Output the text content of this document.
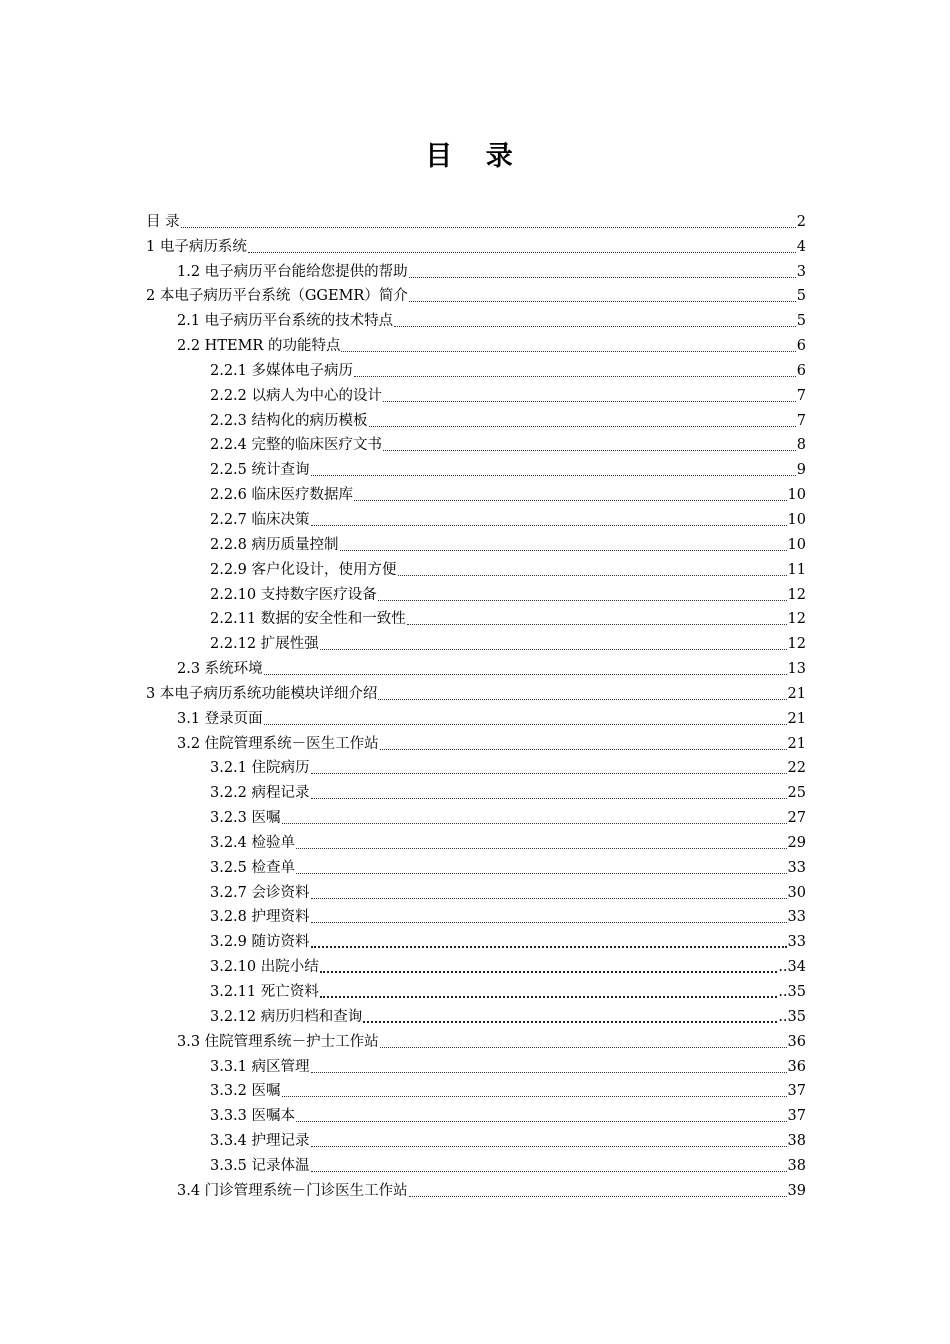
目 录
目 录	2
1 电子病历系统	4
1.2 电子病历平台能给您提供的帮助	3
2 本电子病历平台系统（GGEMR）简介	5
2.1 电子病历平台系统的技术特点	5
2.2 HTEMR 的功能特点	6
2.2.1 多媒体电子病历	6
2.2.2 以病人为中心的设计	7
2.2.3 结构化的病历模板	7
2.2.4 完整的临床医疗文书	8
2.2.5 统计查询	9
2.2.6 临床医疗数据库	10
2.2.7 临床决策	10
2.2.8 病历质量控制	10
2.2.9 客户化设计，使用方便	11
2.2.10 支持数字医疗设备	12
2.2.11 数据的安全性和一致性	12
2.2.12 扩展性强	12
2.3 系统环境	13
3 本电子病历系统功能模块详细介绍	21
3.1 登录页面	21
3.2 住院管理系统－医生工作站	21
3.2.1 住院病历	22
3.2.2 病程记录	25
3.2.3 医嘱	27
3.2.4 检验单	29
3.2.5 检查单	33
3.2.7 会诊资料	30
3.2.8 护理资料	33
3.2.9 随访资料	33
3.2.10 出院小结	..34
3.2.11 死亡资料	..35
3.2.12 病历归档和查询	..35
3.3 住院管理系统－护士工作站	36
3.3.1 病区管理	36
3.3.2 医嘱	37
3.3.3 医嘱本	37
3.3.4 护理记录	38
3.3.5 记录体温	38
3.4 门诊管理系统－门诊医生工作站	39
